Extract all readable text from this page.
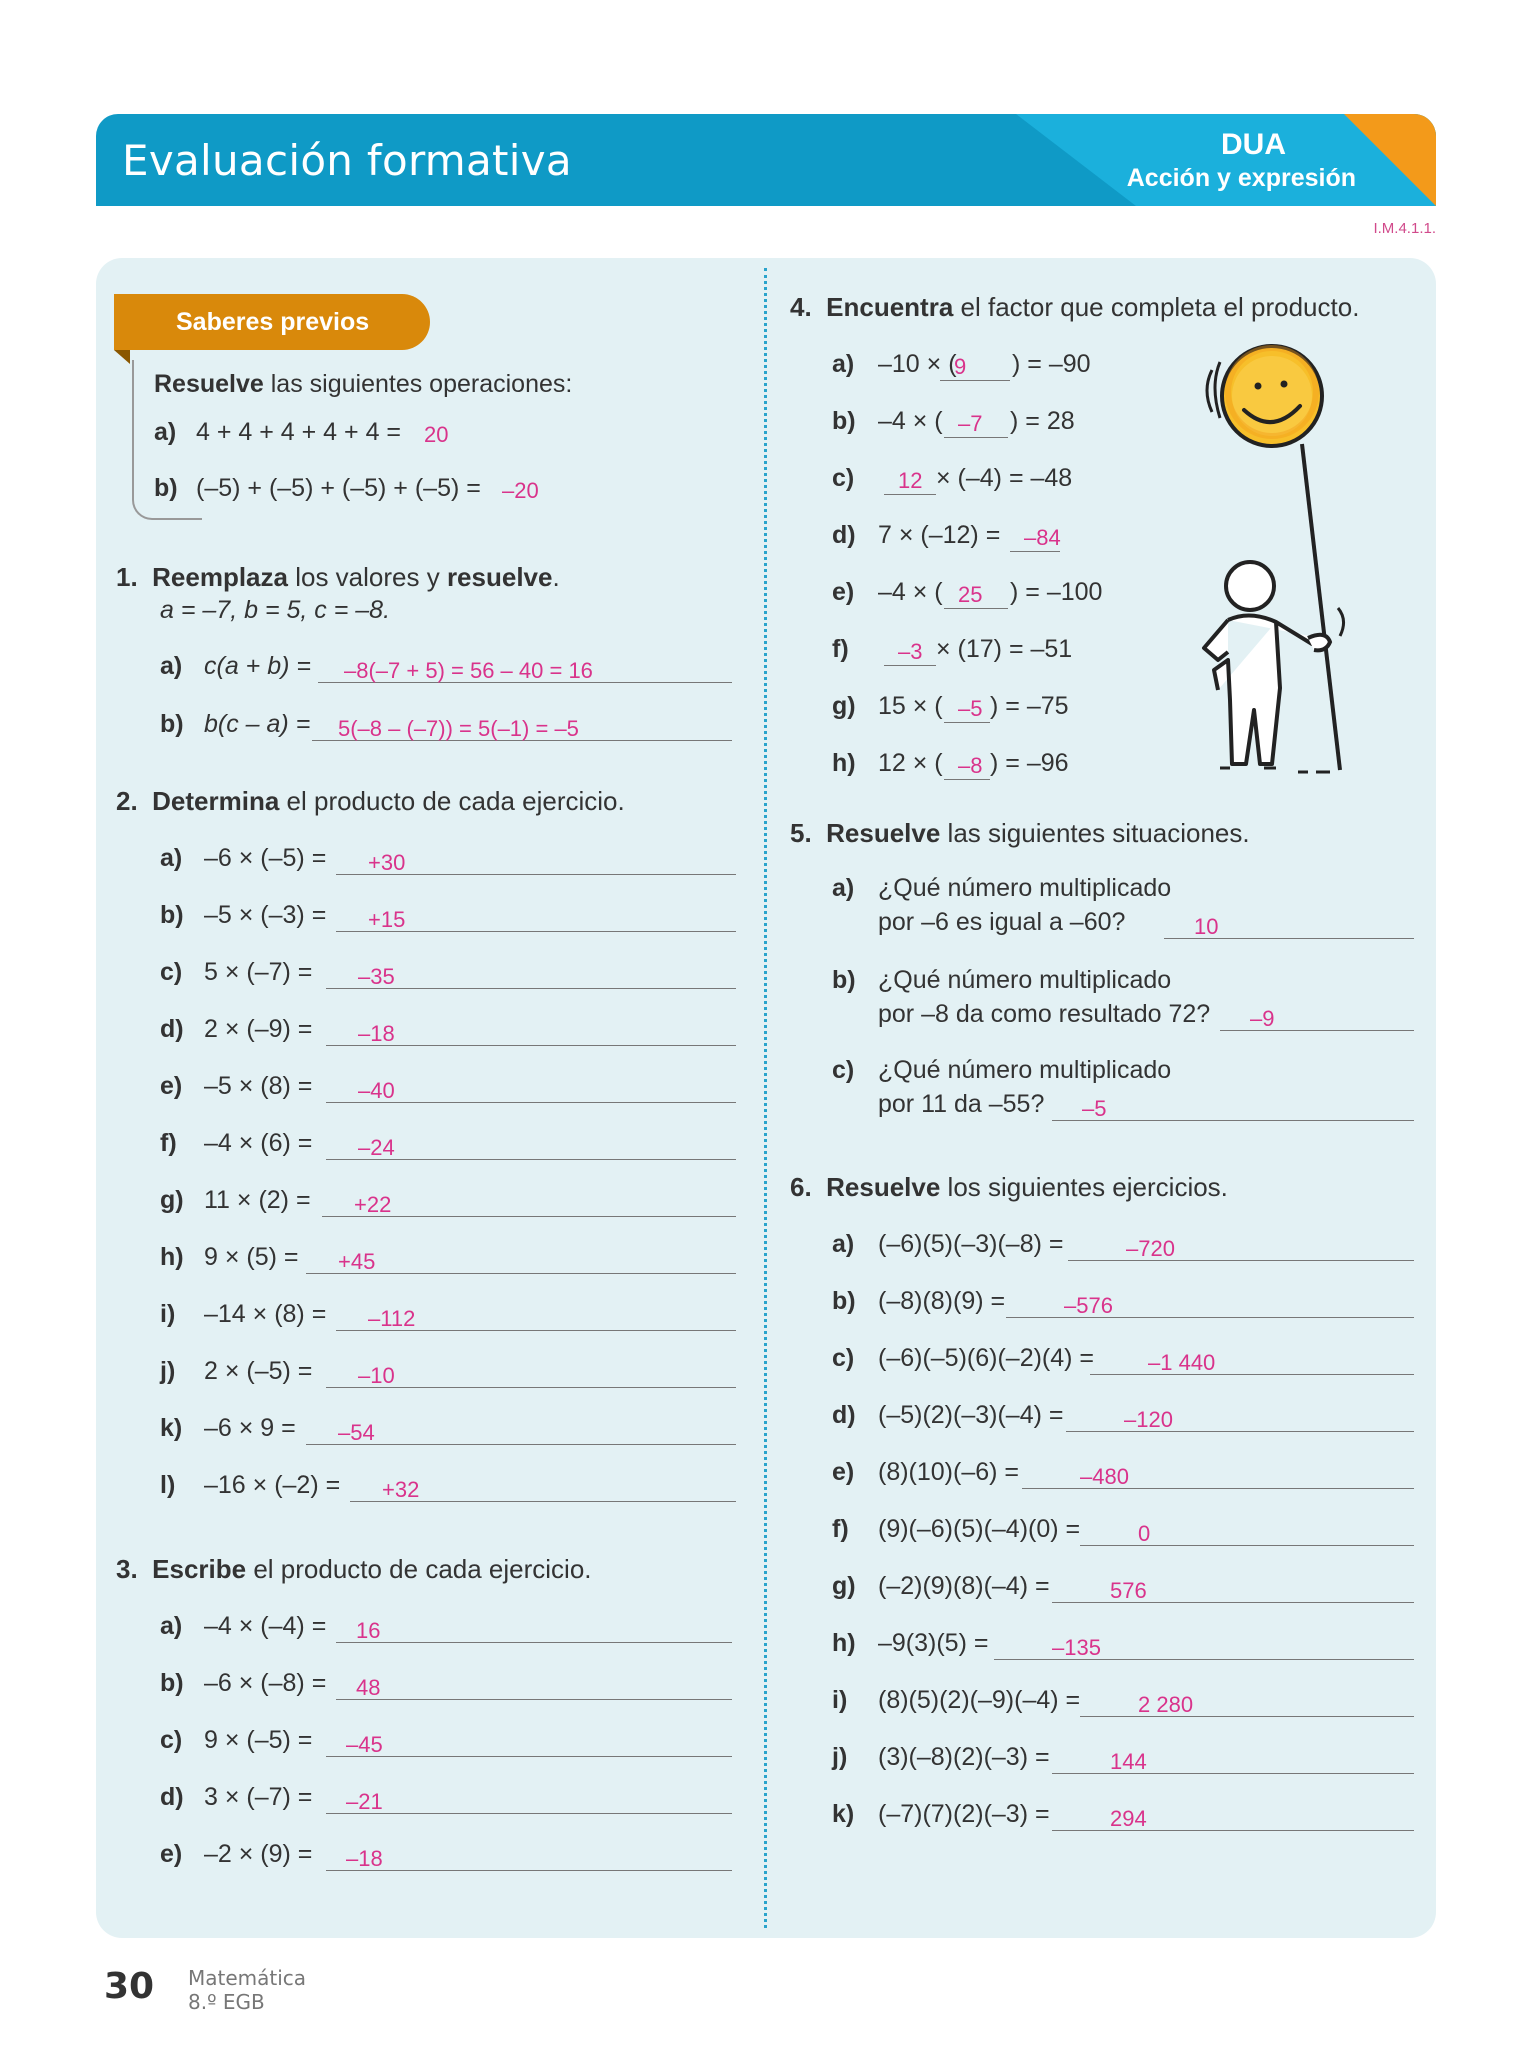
Evaluación formativa	DUA
Acción y expresión
I.M.4.1.1.
Saberes previos
Resuelve las siguientes operaciones:
a) 4 + 4 + 4 + 4 + 4 = 20
b) (–5) + (–5) + (–5) + (–5) = –20
1. Reemplaza los valores y resuelve.
a = –7, b = 5, c = –8.
a) c(a + b) = –8(–7 + 5) = 56 – 40 = 16
b) b(c – a) = 5(–8 – (–7)) = 5(–1) = –5
2. Determina el producto de cada ejercicio.
a) –6 × (–5) = +30
b) –5 × (–3) = +15
c) 5 × (–7) = –35
d) 2 × (–9) = –18
e) –5 × (8) = –40
f) –4 × (6) = –24
g) 11 × (2) = +22
h) 9 × (5) = +45
i) –14 × (8) = –112
j) 2 × (–5) = –10
k) –6 × 9 = –54
l) –16 × (–2) = +32
3. Escribe el producto de cada ejercicio.
a) –4 × (–4) = 16
b) –6 × (–8) = 48
c) 9 × (–5) = –45
d) 3 × (–7) = –21
e) –2 × (9) = –18
4. Encuentra el factor que completa el producto.
a) –10 × (
9 ) = –90
b) –4 × ( –7 ) = 28
c) 12 × (–4) = –48
d) 7 × (–12) = –84
e) –4 × ( 25 ) = –100
f) –3 × (17) = –51
g) 15 × ( –5 ) = –75
h) 12 × ( –8 ) = –96
5. Resuelve las siguientes situaciones.
a) ¿Qué número multiplicado
por –6 es igual a –60?	10
b) ¿Qué número multiplicado
por –8 da como resultado 72? –9
c) ¿Qué número multiplicado
por 11 da –55? –5
6. Resuelve los siguientes ejercicios.
a) (–6)(5)(–3)(–8) =	–720
b) (–8)(8)(9) =	–576
c) (–6)(–5)(6)(–2)(4) = –1 440
d) (–5)(2)(–3)(–4) =	–120
e) (8)(10)(–6) =	–480
f) (9)(–6)(5)(–4)(0) =	0
g) (–2)(9)(8)(–4) =	576
h) –9(3)(5) =	–135
i) (8)(5)(2)(–9)(–4) =	2 280
j) (3)(–8)(2)(–3) =	144
k) (–7)(7)(2)(–3) =	294
30 Matemática
8.º EGB
